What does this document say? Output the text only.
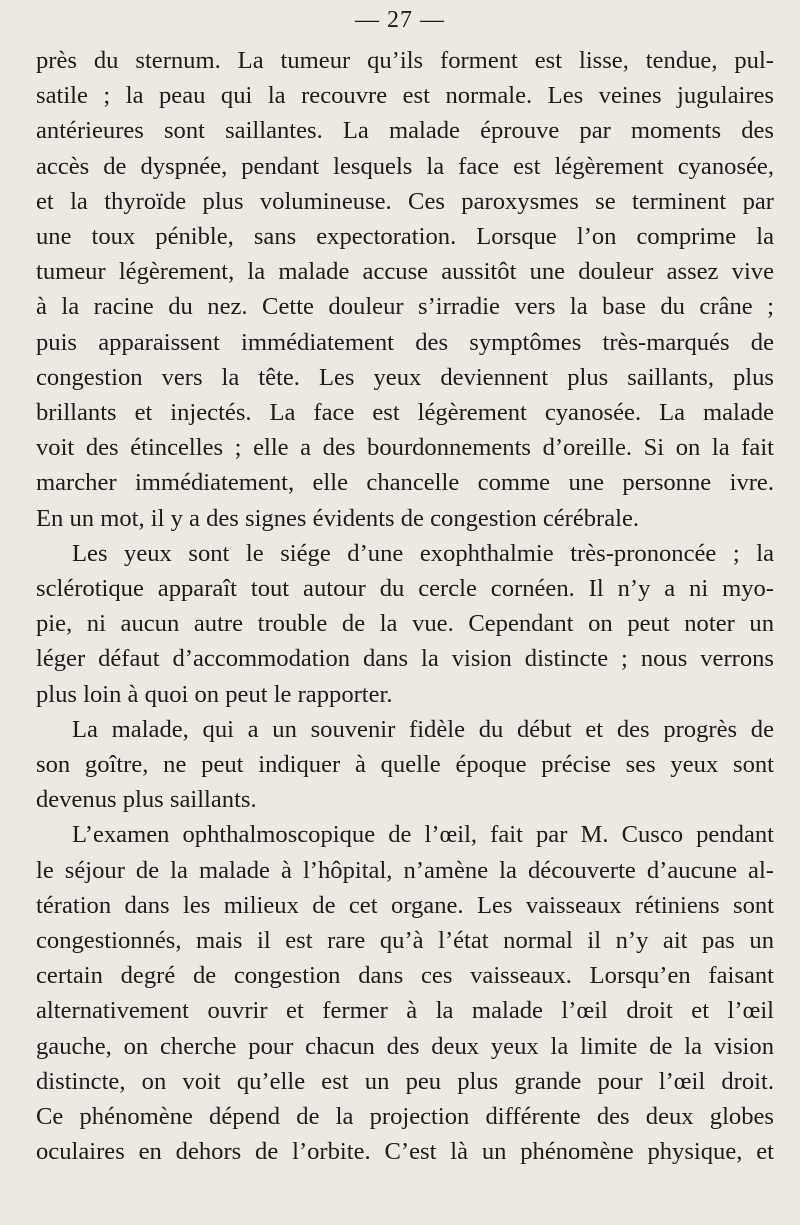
— 27 —
près du sternum. La tumeur qu’ils forment est lisse, tendue, pul-
satile ; la peau qui la recouvre est normale. Les veines jugulaires
antérieures sont saillantes. La malade éprouve par moments des
accès de dyspnée, pendant lesquels la face est légèrement cyanosée,
et la thyroïde plus volumineuse. Ces paroxysmes se terminent par
une toux pénible, sans expectoration. Lorsque l’on comprime la
tumeur légèrement, la malade accuse aussitôt une douleur assez vive
à la racine du nez. Cette douleur s’irradie vers la base du crâne ;
puis apparaissent immédiatement des symptômes très-marqués de
congestion vers la tête. Les yeux deviennent plus saillants, plus
brillants et injectés. La face est légèrement cyanosée. La malade
voit des étincelles ; elle a des bourdonnements d’oreille. Si on la fait
marcher immédiatement, elle chancelle comme une personne ivre.
En un mot, il y a des signes évidents de congestion cérébrale.
Les yeux sont le siége d’une exophthalmie très-prononcée ; la
sclérotique apparaît tout autour du cercle cornéen. Il n’y a ni myo-
pie, ni aucun autre trouble de la vue. Cependant on peut noter un
léger défaut d’accommodation dans la vision distincte ; nous verrons
plus loin à quoi on peut le rapporter.
La malade, qui a un souvenir fidèle du début et des progrès de
son goître, ne peut indiquer à quelle époque précise ses yeux sont
devenus plus saillants.
L’examen ophthalmoscopique de l’œil, fait par M. Cusco pendant
le séjour de la malade à l’hôpital, n’amène la découverte d’aucune al-
tération dans les milieux de cet organe. Les vaisseaux rétiniens sont
congestionnés, mais il est rare qu’à l’état normal il n’y ait pas un
certain degré de congestion dans ces vaisseaux. Lorsqu’en faisant
alternativement ouvrir et fermer à la malade l’œil droit et l’œil
gauche, on cherche pour chacun des deux yeux la limite de la vision
distincte, on voit qu’elle est un peu plus grande pour l’œil droit.
Ce phénomène dépend de la projection différente des deux globes
oculaires en dehors de l’orbite. C’est là un phénomène physique, et
